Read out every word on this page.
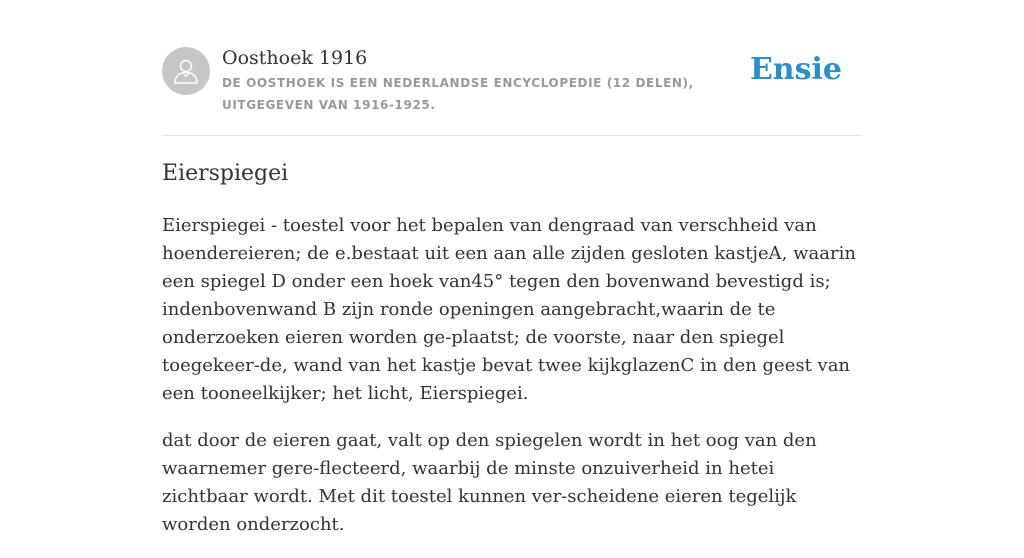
Oosthoek 1916
DE OOSTHOEK IS EEN NEDERLANDSE ENCYCLOPEDIE (12 DELEN), UITGEGEVEN VAN 1916-1925.
Ensie
Eierspiegei

Eierspiegei - toestel voor het bepalen van dengraad van verschheid van hoendereieren; de e.bestaat uit een aan alle zijden gesloten kastjeA, waarin een spiegel D onder een hoek van45° tegen den bovenwand bevestigd is; indenbovenwand B zijn ronde openingen aangebracht,waarin de te onderzoeken eieren worden ge-plaatst; de voorste, naar den spiegel toegekeer-de, wand van het kastje bevat twee kijkglazenC in den geest van een tooneelkijker; het licht, Eierspiegei.

dat door de eieren gaat, valt op den spiegelen wordt in het oog van den waarnemer gere-flecteerd, waarbij de minste onzuiverheid in hetei zichtbaar wordt. Met dit toestel kunnen ver-scheidene eieren tegelijk worden onderzocht.
